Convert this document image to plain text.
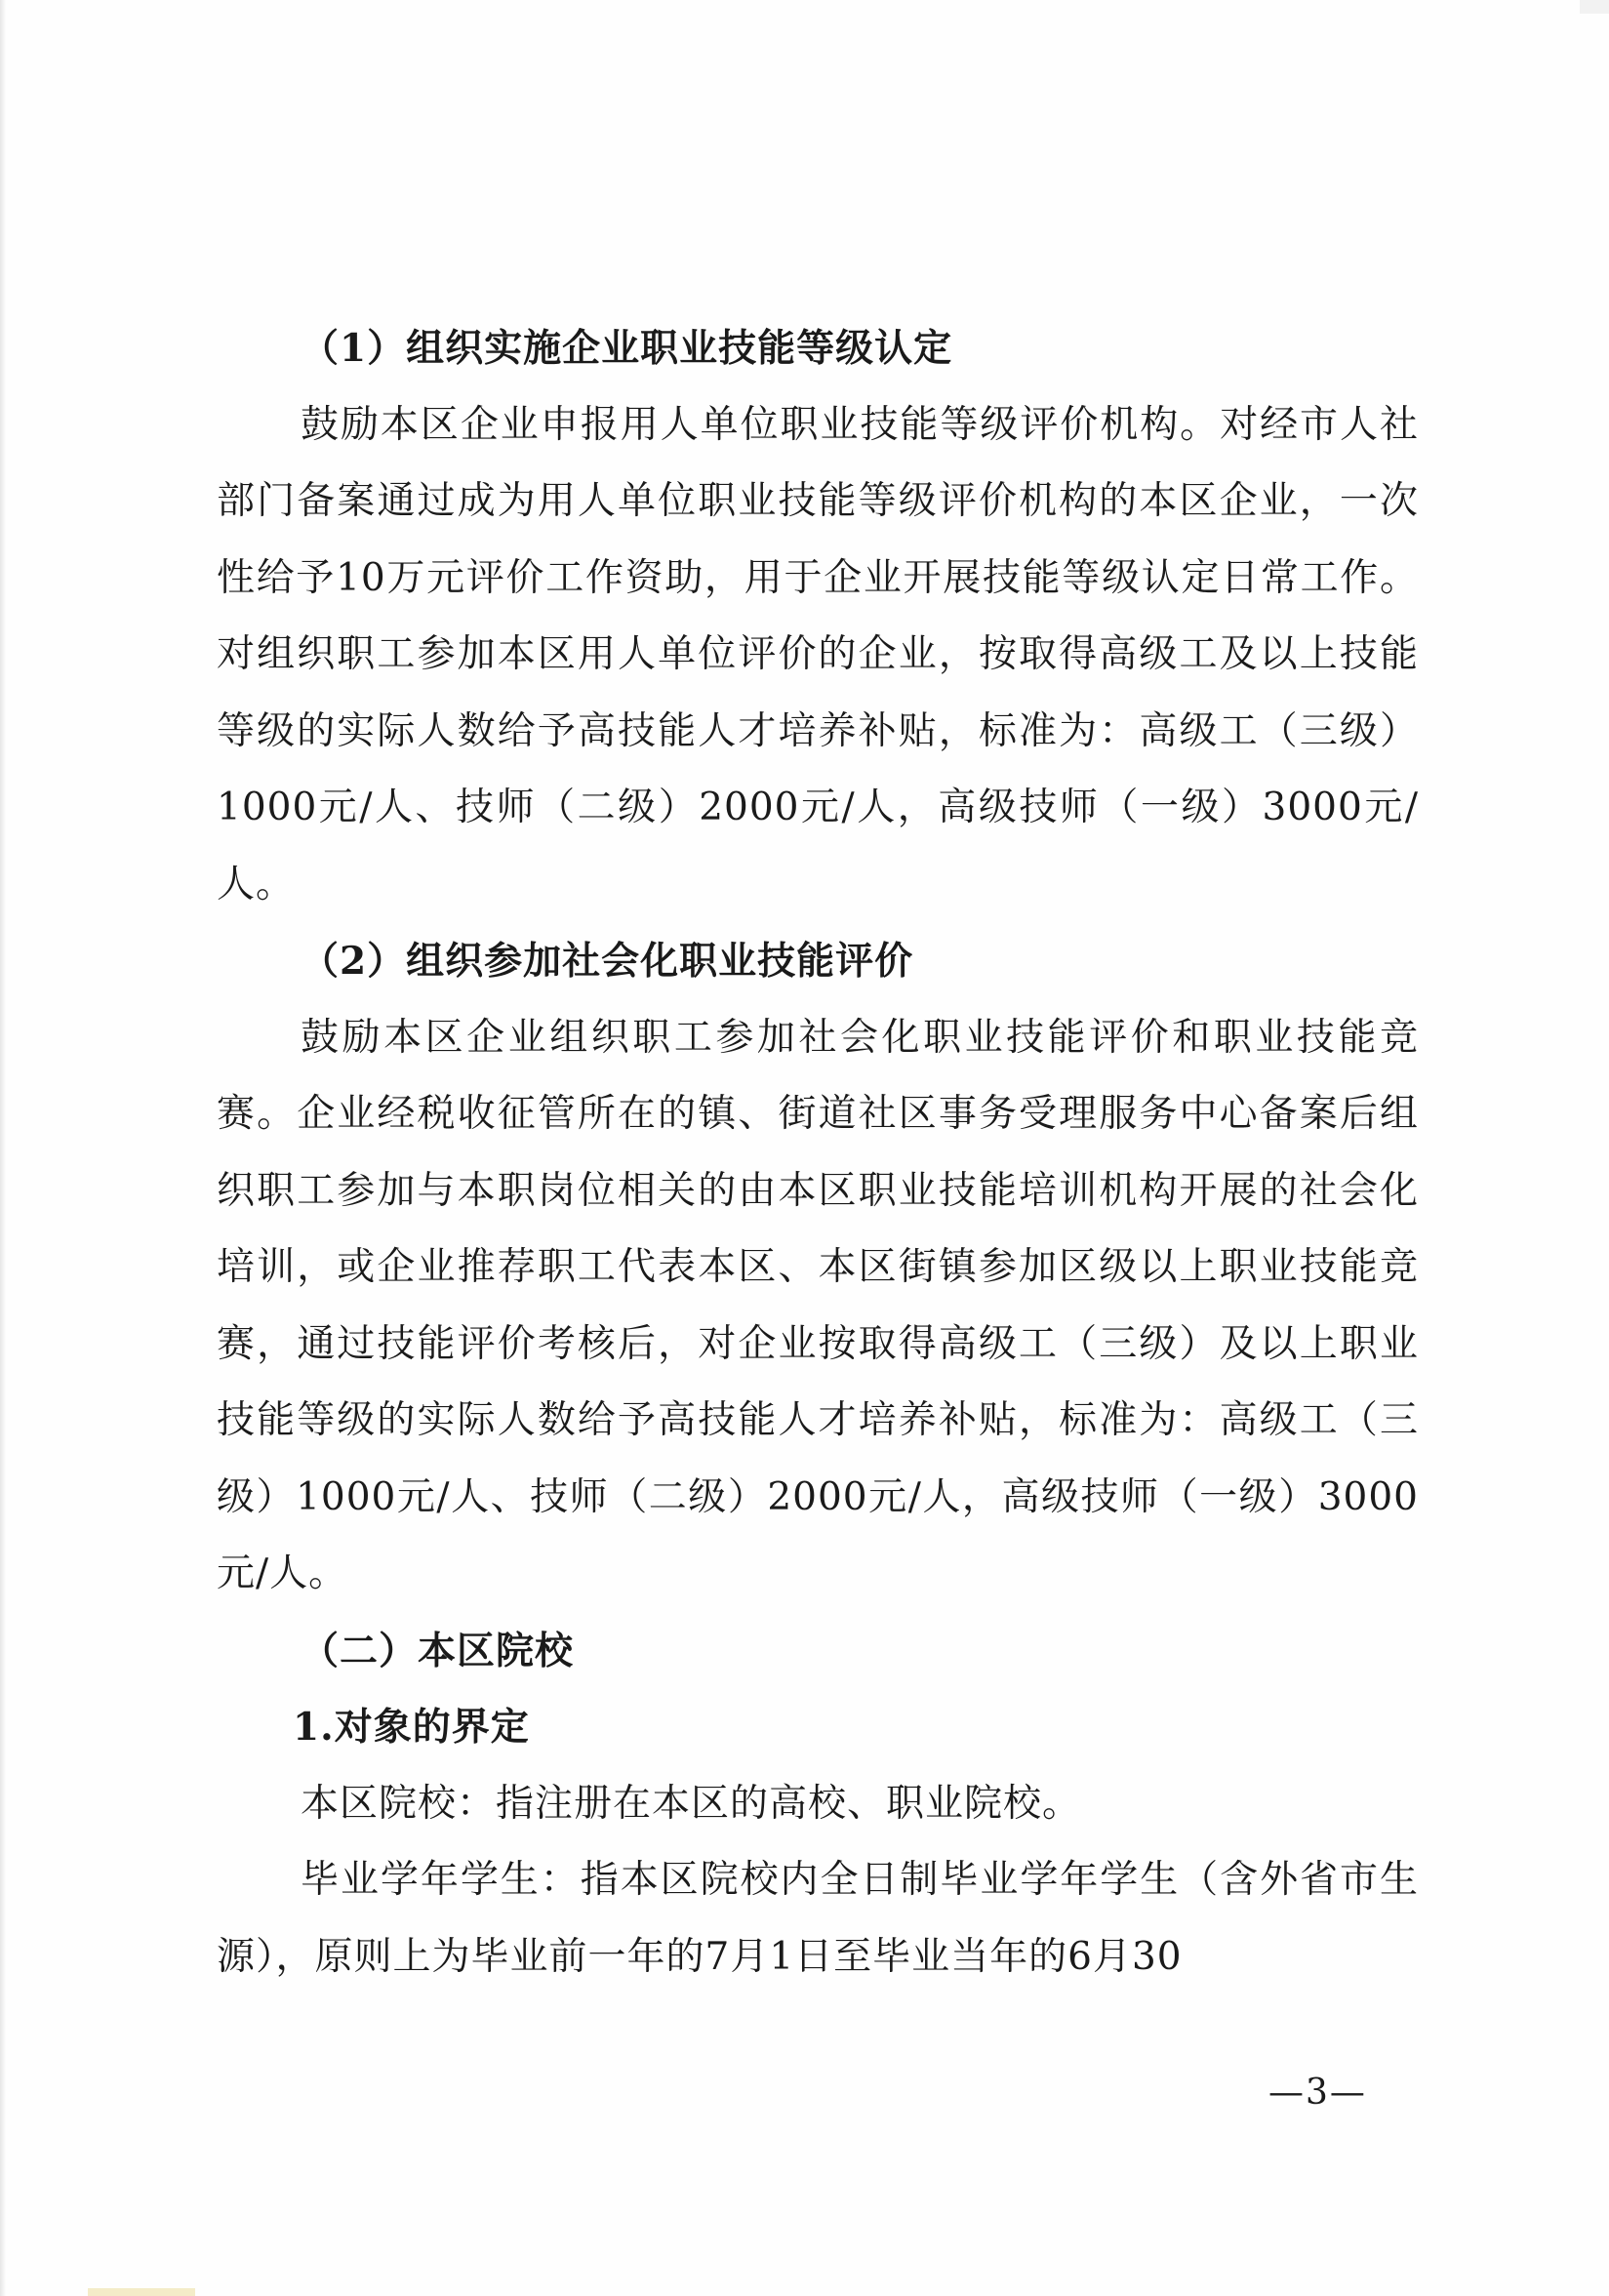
（1）组织实施企业职业技能等级认定

鼓励本区企业申报用人单位职业技能等级评价机构。对经市人社部门备案通过成为用人单位职业技能等级评价机构的本区企业，一次性给予10万元评价工作资助，用于企业开展技能等级认定日常工作。对组织职工参加本区用人单位评价的企业，按取得高级工及以上技能等级的实际人数给予高技能人才培养补贴，标准为：高级工（三级）1000元/人、技师（二级）2000元/人，高级技师（一级）3000元/人。

（2）组织参加社会化职业技能评价

鼓励本区企业组织职工参加社会化职业技能评价和职业技能竞赛。企业经税收征管所在的镇、街道社区事务受理服务中心备案后组织职工参加与本职岗位相关的由本区职业技能培训机构开展的社会化培训，或企业推荐职工代表本区、本区街镇参加区级以上职业技能竞赛，通过技能评价考核后，对企业按取得高级工（三级）及以上职业技能等级的实际人数给予高技能人才培养补贴，标准为：高级工（三级）1000元/人、技师（二级）2000元/人，高级技师（一级）3000元/人。

（二）本区院校

1.对象的界定

本区院校：指注册在本区的高校、职业院校。

毕业学年学生：指本区院校内全日制毕业学年学生（含外省市生源），原则上为毕业前一年的7月1日至毕业当年的6月30

—3—
